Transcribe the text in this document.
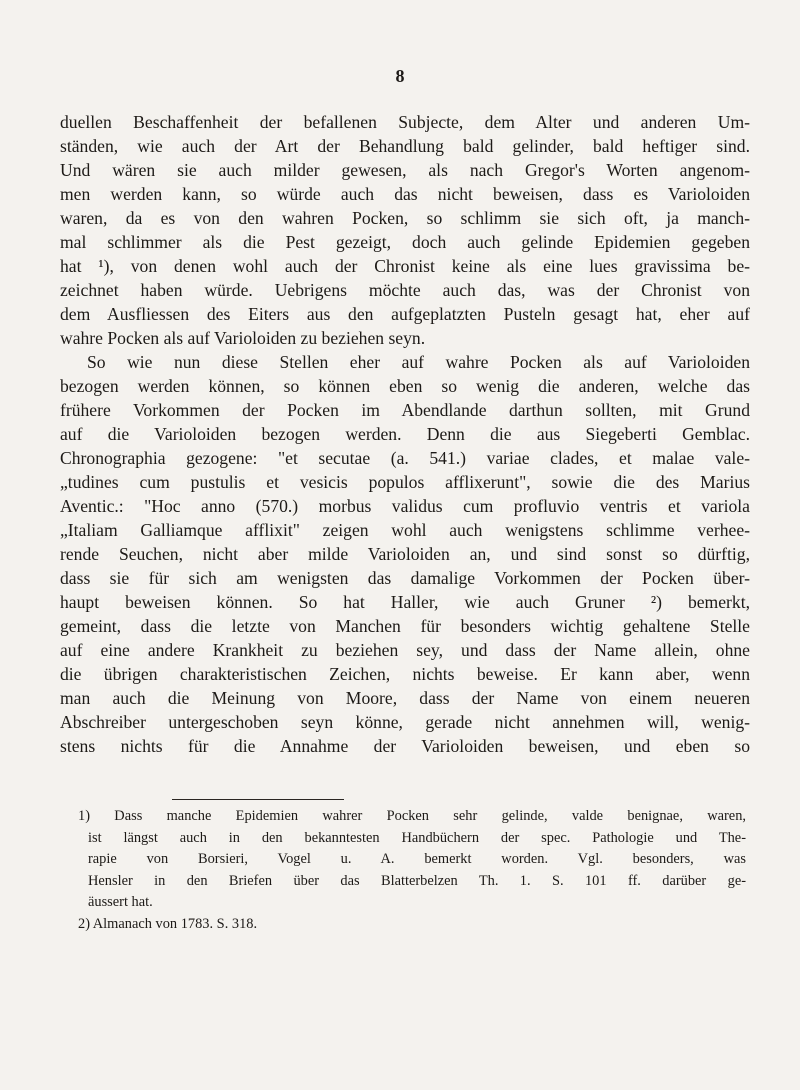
8
duellen Beschaffenheit der befallenen Subjecte, dem Alter und anderen Um-
ständen, wie auch der Art der Behandlung bald gelinder, bald heftiger sind.
Und wären sie auch milder gewesen, als nach Gregor's Worten angenom-
men werden kann, so würde auch das nicht beweisen, dass es Varioloiden
waren, da es von den wahren Pocken, so schlimm sie sich oft, ja manch-
mal schlimmer als die Pest gezeigt, doch auch gelinde Epidemien gegeben
hat ¹), von denen wohl auch der Chronist keine als eine lues gravissima be-
zeichnet haben würde. Uebrigens möchte auch das, was der Chronist von
dem Ausfliessen des Eiters aus den aufgeplatzten Pusteln gesagt hat, eher auf
wahre Pocken als auf Varioloiden zu beziehen seyn.
So wie nun diese Stellen eher auf wahre Pocken als auf Varioloiden
bezogen werden können, so können eben so wenig die anderen, welche das
frühere Vorkommen der Pocken im Abendlande darthun sollten, mit Grund
auf die Varioloiden bezogen werden. Denn die aus Siegeberti Gemblac.
Chronographia gezogene: "et secutae (a. 541.) variae clades, et malae vale-
„tudines cum pustulis et vesicis populos afflixerunt", sowie die des Marius
Aventic.: "Hoc anno (570.) morbus validus cum profluvio ventris et variola
„Italiam Galliamque afflixit" zeigen wohl auch wenigstens schlimme verhee-
rende Seuchen, nicht aber milde Varioloiden an, und sind sonst so dürftig,
dass sie für sich am wenigsten das damalige Vorkommen der Pocken über-
haupt beweisen können. So hat Haller, wie auch Gruner ²) bemerkt,
gemeint, dass die letzte von Manchen für besonders wichtig gehaltene Stelle
auf eine andere Krankheit zu beziehen sey, und dass der Name allein, ohne
die übrigen charakteristischen Zeichen, nichts beweise. Er kann aber, wenn
man auch die Meinung von Moore, dass der Name von einem neueren
Abschreiber untergeschoben seyn könne, gerade nicht annehmen will, wenig-
stens nichts für die Annahme der Varioloiden beweisen, und eben so
1) Dass manche Epidemien wahrer Pocken sehr gelinde, valde benignae, waren,
ist längst auch in den bekanntesten Handbüchern der spec. Pathologie und The-
rapie von Borsieri, Vogel u. A. bemerkt worden. Vgl. besonders, was
Hensler in den Briefen über das Blatterbelzen Th. 1. S. 101 ff. darüber ge-
äussert hat.
2) Almanach von 1783. S. 318.
